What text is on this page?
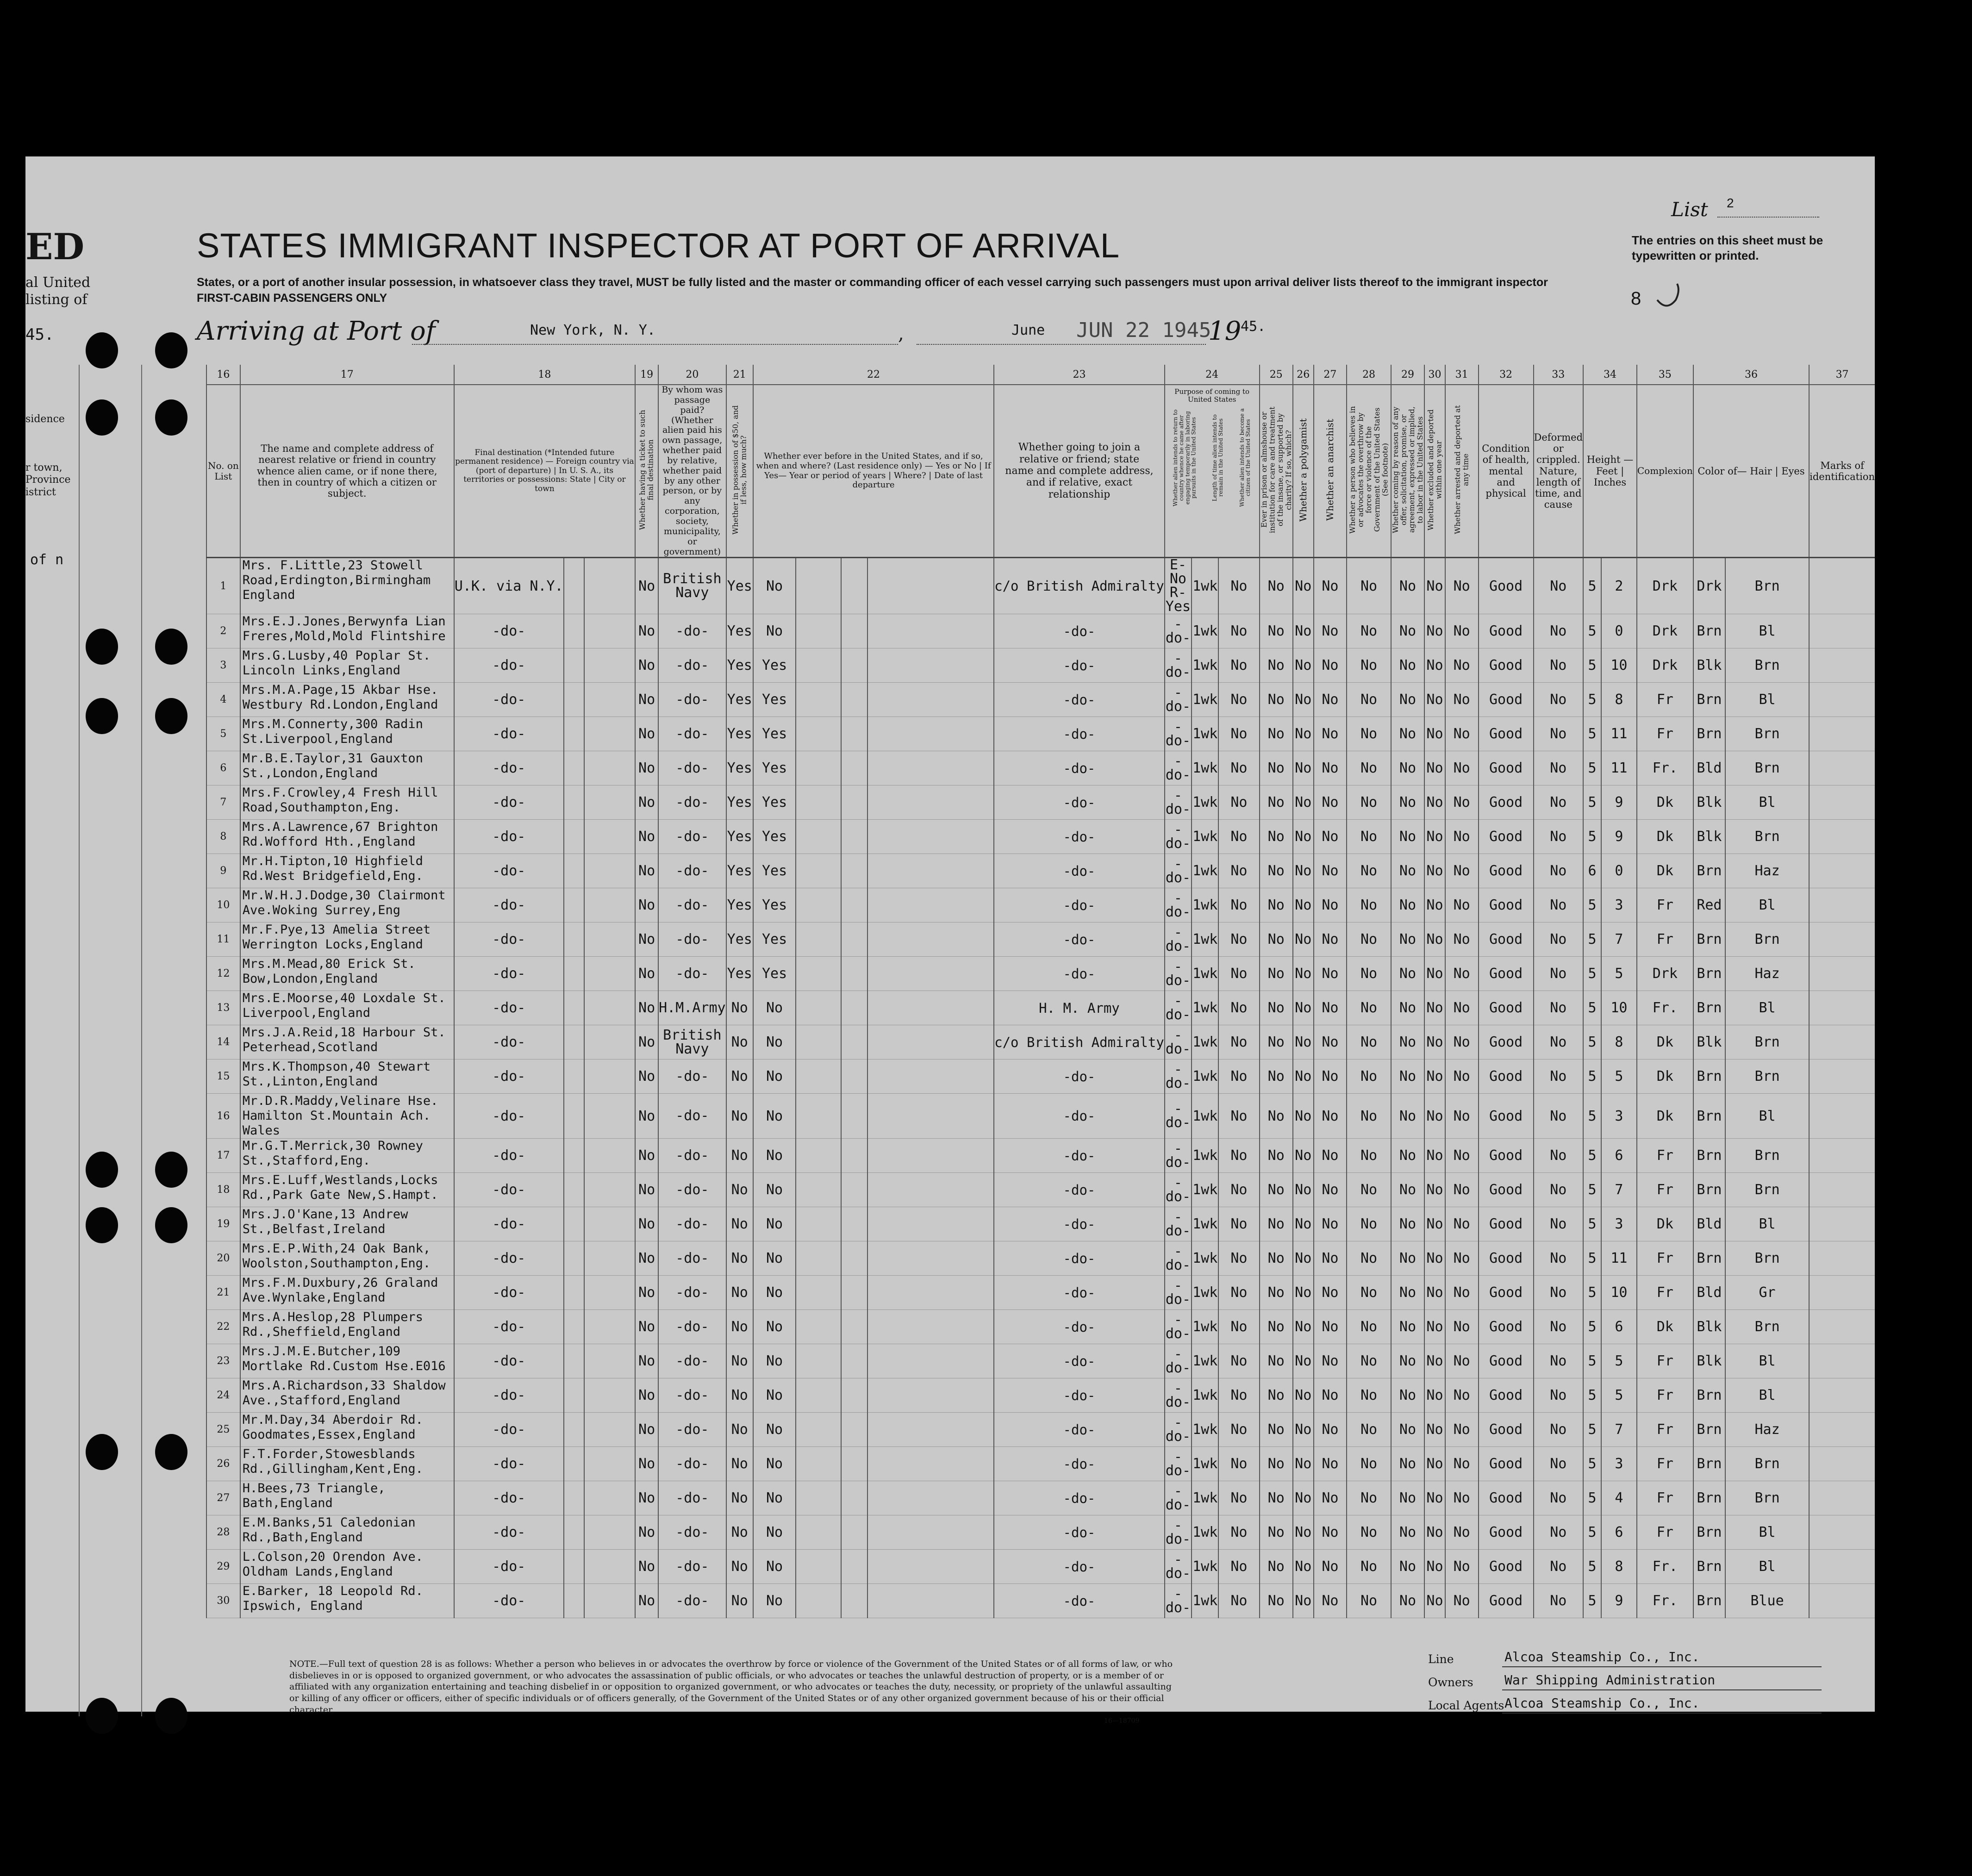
ED
al United
listing of
45.
sidence
r town, Province istrict
of n
STATES IMMIGRANT INSPECTOR AT PORT OF ARRIVAL
States, or a port of another insular possession, in whatsoever class they travel, MUST be fully listed and the master or commanding officer of each vessel carrying such passengers must upon arrival deliver lists thereof to the immigrant inspector
FIRST-CABIN PASSENGERS ONLY
Arriving at Port of	New York, N. Y.	,	June JUN 22 1945
19
45.
List 2
The entries on this sheet must be typewritten or printed.
8
16	17	18			19	20	21	22				23	24			25	26	27	28	29	30	31	32	33	34		35	36		37
No. on List	The name and complete address of nearest relative or friend in country whence alien came, or if none there, then in country of which a citizen or subject.	Final destination (*Intended future permanent residence) — Foreign country via (port of departure) | In U. S. A., its territories or possessions: State | City or town			Whether having a ticket to such final destination	By whom was passage paid? (Whether alien paid his own passage, whether paid by relative, whether paid by any other person, or by any corporation, society, municipality, or government)	Whether in possession of $50, and if less, how much?	Whether ever before in the United States, and if so, when and where? (Last residence only) — Yes or No | If Yes— Year or period of years | Where? | Date of last departure				Whether going to join a relative or friend; state name and complete address, and if relative, exact relationship	Purpose of coming to United States
Whether alien intends to return to country whence he came after engaging temporarily in laboring pursuits in the United States Length of time alien intends to remain in the United States Whether alien intends to become a citizen of the United States			Ever in prison or almshouse or institution for care and treatment of the insane, or supported by charity? If so, which?	Whether a polygamist	Whether an anarchist	Whether a person who believes in or advocates the overthrow by force or violence of the Government of the United States (See footnote)	Whether coming by reason of any offer, solicitation, promise, or agreement, expressed or implied, to labor in the United States	Whether excluded and deported within one year	Whether arrested and deported at any time	Condition of health, mental and physical	Deformed or crippled. Nature, length of time, and cause	Height — Feet | Inches		Complexion	Color of— Hair | Eyes		Marks of identification
1	Mrs. F.Little,23 Stowell Road,Erdington,Birmingham England	U.K. via N.Y.			No	British Navy	Yes	No				c/o British Admiralty	E-No R-Yes	1wk	No	No	No	No	No	No	No	No	Good	No	5	2	Drk	Drk	Brn	
2	Mrs.E.J.Jones,Berwynfa Lian Freres,Mold,Mold Flintshire	-do-			No	-do-	Yes	No				-do-	-do-	1wk	No	No	No	No	No	No	No	No	Good	No	5	0	Drk	Brn	Bl	
3	Mrs.G.Lusby,40 Poplar St. Lincoln Links,England	-do-			No	-do-	Yes	Yes				-do-	-do-	1wk	No	No	No	No	No	No	No	No	Good	No	5	10	Drk	Blk	Brn	
4	Mrs.M.A.Page,15 Akbar Hse. Westbury Rd.London,England	-do-			No	-do-	Yes	Yes				-do-	-do-	1wk	No	No	No	No	No	No	No	No	Good	No	5	8	Fr	Brn	Bl	
5	Mrs.M.Connerty,300 Radin St.Liverpool,England	-do-			No	-do-	Yes	Yes				-do-	-do-	1wk	No	No	No	No	No	No	No	No	Good	No	5	11	Fr	Brn	Brn	
6	Mr.B.E.Taylor,31 Gauxton St.,London,England	-do-			No	-do-	Yes	Yes				-do-	-do-	1wk	No	No	No	No	No	No	No	No	Good	No	5	11	Fr.	Bld	Brn	
7	Mrs.F.Crowley,4 Fresh Hill Road,Southampton,Eng.	-do-			No	-do-	Yes	Yes				-do-	-do-	1wk	No	No	No	No	No	No	No	No	Good	No	5	9	Dk	Blk	Bl	
8	Mrs.A.Lawrence,67 Brighton Rd.Wofford Hth.,England	-do-			No	-do-	Yes	Yes				-do-	-do-	1wk	No	No	No	No	No	No	No	No	Good	No	5	9	Dk	Blk	Brn	
9	Mr.H.Tipton,10 Highfield Rd.West Bridgefield,Eng.	-do-			No	-do-	Yes	Yes				-do-	-do-	1wk	No	No	No	No	No	No	No	No	Good	No	6	0	Dk	Brn	Haz	
10	Mr.W.H.J.Dodge,30 Clairmont Ave.Woking Surrey,Eng	-do-			No	-do-	Yes	Yes				-do-	-do-	1wk	No	No	No	No	No	No	No	No	Good	No	5	3	Fr	Red	Bl	
11	Mr.F.Pye,13 Amelia Street Werrington Locks,England	-do-			No	-do-	Yes	Yes				-do-	-do-	1wk	No	No	No	No	No	No	No	No	Good	No	5	7	Fr	Brn	Brn	
12	Mrs.M.Mead,80 Erick St. Bow,London,England	-do-			No	-do-	Yes	Yes				-do-	-do-	1wk	No	No	No	No	No	No	No	No	Good	No	5	5	Drk	Brn	Haz	
13	Mrs.E.Moorse,40 Loxdale St. Liverpool,England	-do-			No	H.M.Army	No	No				H. M. Army	-do-	1wk	No	No	No	No	No	No	No	No	Good	No	5	10	Fr.	Brn	Bl	
14	Mrs.J.A.Reid,18 Harbour St. Peterhead,Scotland	-do-			No	British Navy	No	No				c/o British Admiralty	-do-	1wk	No	No	No	No	No	No	No	No	Good	No	5	8	Dk	Blk	Brn	
15	Mrs.K.Thompson,40 Stewart St.,Linton,England	-do-			No	-do-	No	No				-do-	-do-	1wk	No	No	No	No	No	No	No	No	Good	No	5	5	Dk	Brn	Brn	
16	Mr.D.R.Maddy,Velinare Hse. Hamilton St.Mountain Ach. Wales	-do-			No	-do-	No	No				-do-	-do-	1wk	No	No	No	No	No	No	No	No	Good	No	5	3	Dk	Brn	Bl	
17	Mr.G.T.Merrick,30 Rowney St.,Stafford,Eng.	-do-			No	-do-	No	No				-do-	-do-	1wk	No	No	No	No	No	No	No	No	Good	No	5	6	Fr	Brn	Brn	
18	Mrs.E.Luff,Westlands,Locks Rd.,Park Gate New,S.Hampt.	-do-			No	-do-	No	No				-do-	-do-	1wk	No	No	No	No	No	No	No	No	Good	No	5	7	Fr	Brn	Brn	
19	Mrs.J.O'Kane,13 Andrew St.,Belfast,Ireland	-do-			No	-do-	No	No				-do-	-do-	1wk	No	No	No	No	No	No	No	No	Good	No	5	3	Dk	Bld	Bl	
20	Mrs.E.P.With,24 Oak Bank, Woolston,Southampton,Eng.	-do-			No	-do-	No	No				-do-	-do-	1wk	No	No	No	No	No	No	No	No	Good	No	5	11	Fr	Brn	Brn	
21	Mrs.F.M.Duxbury,26 Graland Ave.Wynlake,England	-do-			No	-do-	No	No				-do-	-do-	1wk	No	No	No	No	No	No	No	No	Good	No	5	10	Fr	Bld	Gr	
22	Mrs.A.Heslop,28 Plumpers Rd.,Sheffield,England	-do-			No	-do-	No	No				-do-	-do-	1wk	No	No	No	No	No	No	No	No	Good	No	5	6	Dk	Blk	Brn	
23	Mrs.J.M.E.Butcher,109 Mortlake Rd.Custom Hse.E016	-do-			No	-do-	No	No				-do-	-do-	1wk	No	No	No	No	No	No	No	No	Good	No	5	5	Fr	Blk	Bl	
24	Mrs.A.Richardson,33 Shaldow Ave.,Stafford,England	-do-			No	-do-	No	No				-do-	-do-	1wk	No	No	No	No	No	No	No	No	Good	No	5	5	Fr	Brn	Bl	
25	Mr.M.Day,34 Aberdoir Rd. Goodmates,Essex,England	-do-			No	-do-	No	No				-do-	-do-	1wk	No	No	No	No	No	No	No	No	Good	No	5	7	Fr	Brn	Haz	
26	F.T.Forder,Stowesblands Rd.,Gillingham,Kent,Eng.	-do-			No	-do-	No	No				-do-	-do-	1wk	No	No	No	No	No	No	No	No	Good	No	5	3	Fr	Brn	Brn	
27	H.Bees,73 Triangle, Bath,England	-do-			No	-do-	No	No				-do-	-do-	1wk	No	No	No	No	No	No	No	No	Good	No	5	4	Fr	Brn	Brn	
28	E.M.Banks,51 Caledonian Rd.,Bath,England	-do-			No	-do-	No	No				-do-	-do-	1wk	No	No	No	No	No	No	No	No	Good	No	5	6	Fr	Brn	Bl	
29	L.Colson,20 Orendon Ave. Oldham Lands,England	-do-			No	-do-	No	No				-do-	-do-	1wk	No	No	No	No	No	No	No	No	Good	No	5	8	Fr.	Brn	Bl	
30	E.Barker, 18 Leopold Rd. Ipswich, England	-do-			No	-do-	No	No				-do-	-do-	1wk	No	No	No	No	No	No	No	No	Good	No	5	9	Fr.	Brn	Blue	
NOTE.—Full text of question 28 is as follows: Whether a person who believes in or advocates the overthrow by force or violence of the Government of the United States or of all forms of law, or who disbelieves in or is opposed to organized government, or who advocates the assassination of public officials, or who advocates or teaches the unlawful destruction of property, or is a member of or affiliated with any organization entertaining and teaching disbelief in or opposition to organized government, or who advocates or teaches the duty, necessity, or propriety of the unlawful assaulting or killing of any officer or officers, either of specific individuals or of officers generally, of the Government of the United States or of any other organized government because of his or their official character.
16—18709
Line	Alcoa Steamship Co., Inc.
Owners War Shipping Administration
Local Agents Alcoa Steamship Co., Inc.
